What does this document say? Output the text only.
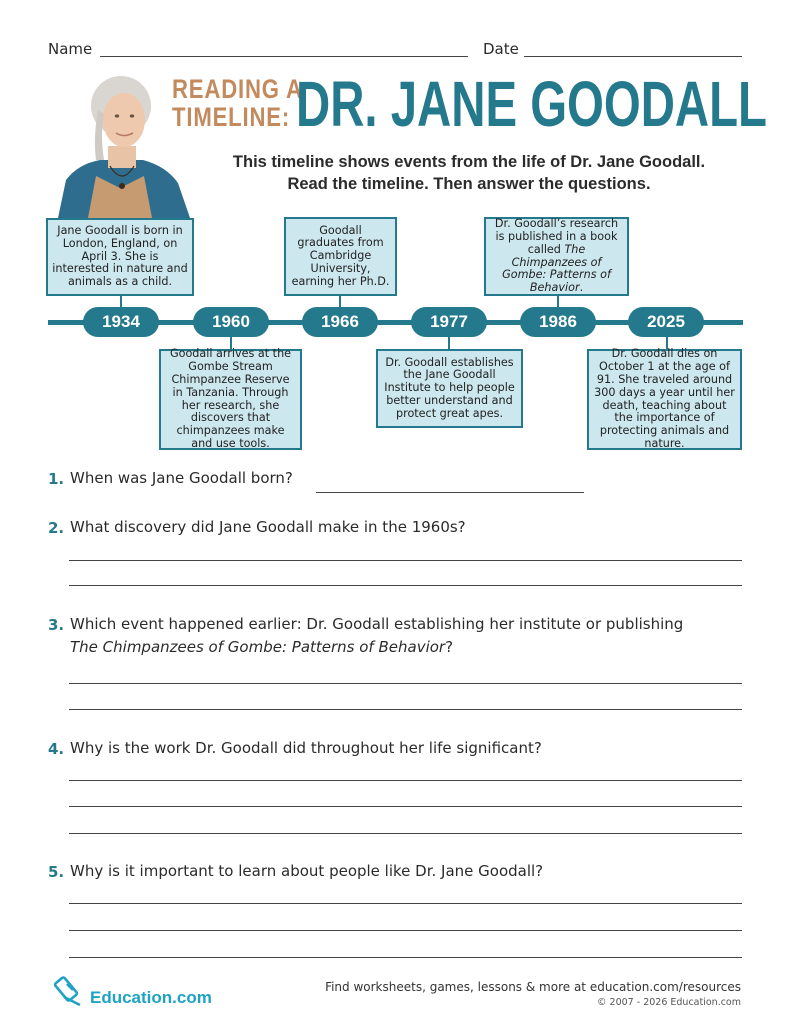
Name	Date
READING A
TIMELINE: DR. JANE GOODALL
This timeline shows events from the life of Dr. Jane Goodall.
Read the timeline. Then answer the questions.
1934	1960	1966	1977	1986	2025
Jane Goodall is born in London, England, on April 3. She is interested in nature and animals as a child.
Goodall graduates from Cambridge University, earning her Ph.D.
Dr. Goodall’s research is published in a book called The Chimpanzees of Gombe: Patterns of Behavior.
Goodall arrives at the Gombe Stream Chimpanzee Reserve in Tanzania. Through her research, she discovers that chimpanzees make and use tools.
Dr. Goodall establishes the Jane Goodall Institute to help people better understand and protect great apes.
Dr. Goodall dies on October 1 at the age of 91. She traveled around 300 days a year until her death, teaching about the importance of protecting animals and nature.
1. When was Jane Goodall born?
2. What discovery did Jane Goodall make in the 1960s?
3. Which event happened earlier: Dr. Goodall establishing her institute or publishing
The Chimpanzees of Gombe: Patterns of Behavior?
4. Why is the work Dr. Goodall did throughout her life significant?
5. Why is it important to learn about people like Dr. Jane Goodall?
Education.com
Find worksheets, games, lessons & more at education.com/resources
© 2007 - 2026 Education.com
